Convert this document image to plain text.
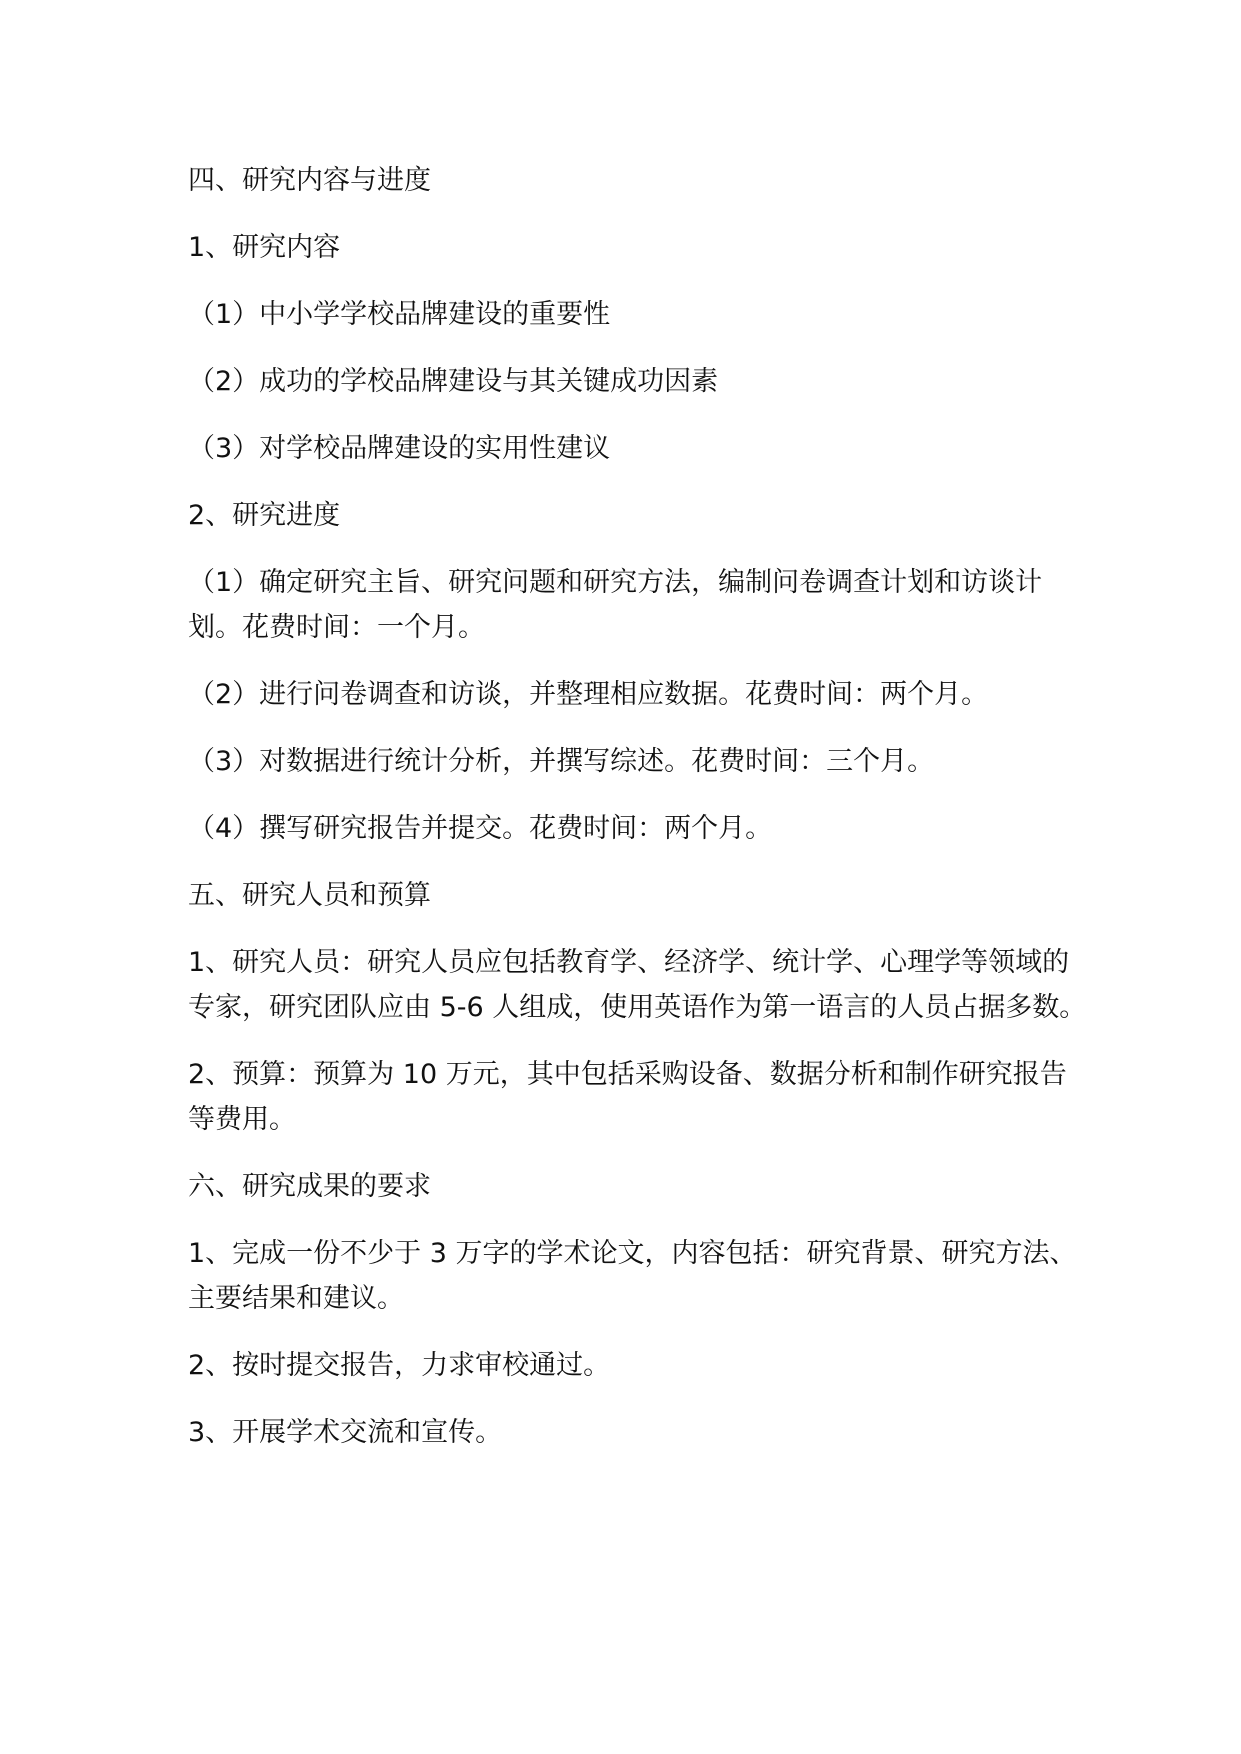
四、研究内容与进度

1、研究内容

（1）中小学学校品牌建设的重要性

（2）成功的学校品牌建设与其关键成功因素

（3）对学校品牌建设的实用性建议

2、研究进度

（1）确定研究主旨、研究问题和研究方法，编制问卷调查计划和访谈计划。花费时间：一个月。

（2）进行问卷调查和访谈，并整理相应数据。花费时间：两个月。

（3）对数据进行统计分析，并撰写综述。花费时间：三个月。

（4）撰写研究报告并提交。花费时间：两个月。

五、研究人员和预算

1、研究人员：研究人员应包括教育学、经济学、统计学、心理学等领域的专家，研究团队应由 5-6 人组成，使用英语作为第一语言的人员占据多数。

2、预算：预算为 10 万元，其中包括采购设备、数据分析和制作研究报告等费用。

六、研究成果的要求

1、完成一份不少于 3 万字的学术论文，内容包括：研究背景、研究方法、主要结果和建议。

2、按时提交报告，力求审校通过。

3、开展学术交流和宣传。
